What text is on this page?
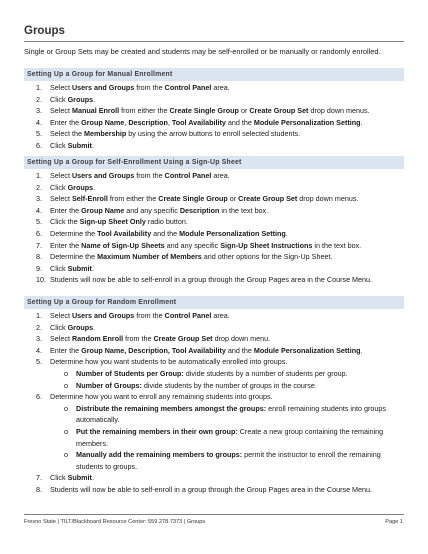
Groups

Single or Group Sets may be created and students may be self-enrolled or be manually or randomly enrolled.

Setting Up a Group for Manual Enrollment
1. Select Users and Groups from the Control Panel area.
2. Click Groups.
3. Select Manual Enroll from either the Create Single Group or Create Group Set drop down menus.
4. Enter the Group Name, Description, Tool Availability and the Module Personalization Setting.
5. Select the Membership by using the arrow buttons to enroll selected students.
6. Click Submit.
Setting Up a Group for Self-Enrollment Using a Sign-Up Sheet
1. Select Users and Groups from the Control Panel area.
2. Click Groups.
3. Select Self-Enroll from either the Create Single Group or Create Group Set drop down menus.
4. Enter the Group Name and any specific Description in the text box.
5. Click the Sign-up Sheet Only radio button.
6. Determine the Tool Availability and the Module Personalization Setting.
7. Enter the Name of Sign-Up Sheets and any specific Sign-Up Sheet Instructions in the text box.
8. Determine the Maximum Number of Members and other options for the Sign-Up Sheet.
9. Click Submit.
10. Students will now be able to self-enroll in a group through the Group Pages area in the Course Menu.
Setting Up a Group for Random Enrollment
1. Select Users and Groups from the Control Panel area.
2. Click Groups.
3. Select Random Enroll from the Create Group Set drop down menu.
4. Enter the Group Name, Description, Tool Availability and the Module Personalization Setting.
5. Determine how you want students to be automatically enrolled into groups.
o Number of Students per Group: divide students by a number of students per group.
o Number of Groups: divide students by the number of groups in the course.
6. Determine how you want to enroll any remaining students into groups.
o Distribute the remaining members amongst the groups: enroll remaining students into groups automatically.
o Put the remaining members in their own group: Create a new group containing the remaining members.
o Manually add the remaining members to groups: permit the instructor to enroll the remaining students to groups.
7. Click Submit.
8. Students will now be able to self-enroll in a group through the Group Pages area in the Course Menu.
Fresno State | TILT/Blackboard Resource Center: 559.278.7373 | Groups	Page 1
